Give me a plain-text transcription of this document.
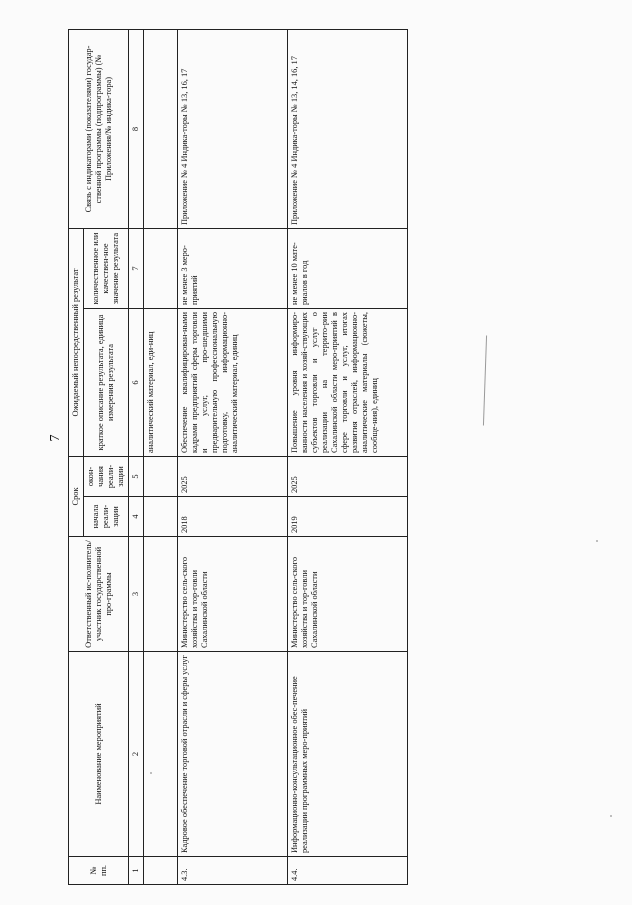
7
№ пп.	Наименование мероприятий	Ответственный ис-полнитель/участник государственной про-граммы	Срок		Ожидаемый непосредственный результат		Связь с индикаторами (показателями) государ-ственной программы (подпрограммы) (№ Приложения/№ индика-тора)
			начала реали-зации	окон-чания реали-зации	краткое описание результата, единица измерения результата	количественное или качествен-ное значение результата	
1	2	3	4	5	6	7	8
					аналитический материал, еди-ниц		
4.3.	Кадровое обеспечение торговой отрасли и сферы услуг	Министерство сель-ского хозяйства и тор-говли Сахалинской области	2018	2025	Обеспечение квалифицирован-ными кадрами предприятий сферы торговли и услуг, про-шедшими предварительную профессиональную подготовку, информационно-аналитический материал, единиц	не менее 3 меро-приятий	Приложение № 4 Индика-торы № 13, 16, 17
4.4.	Информационно-консультационное обес-печение реализации программных меро-приятий	Министерство сель-ского хозяйства и тор-говли Сахалинской области	2019	2025	Повышение уровня информиро-ванности населения и хозяй-ствующих субъектов торговли и услуг о реализации на террито-рии Сахалинской области меро-приятий в сфере торговли и услуг, итогах развития отраслей, информационно-аналитические материалы (сюжеты, сообще-ния), единиц	не менее 10 мате-риалов в год	Приложение № 4 Индика-торы № 13, 14, 16, 17
